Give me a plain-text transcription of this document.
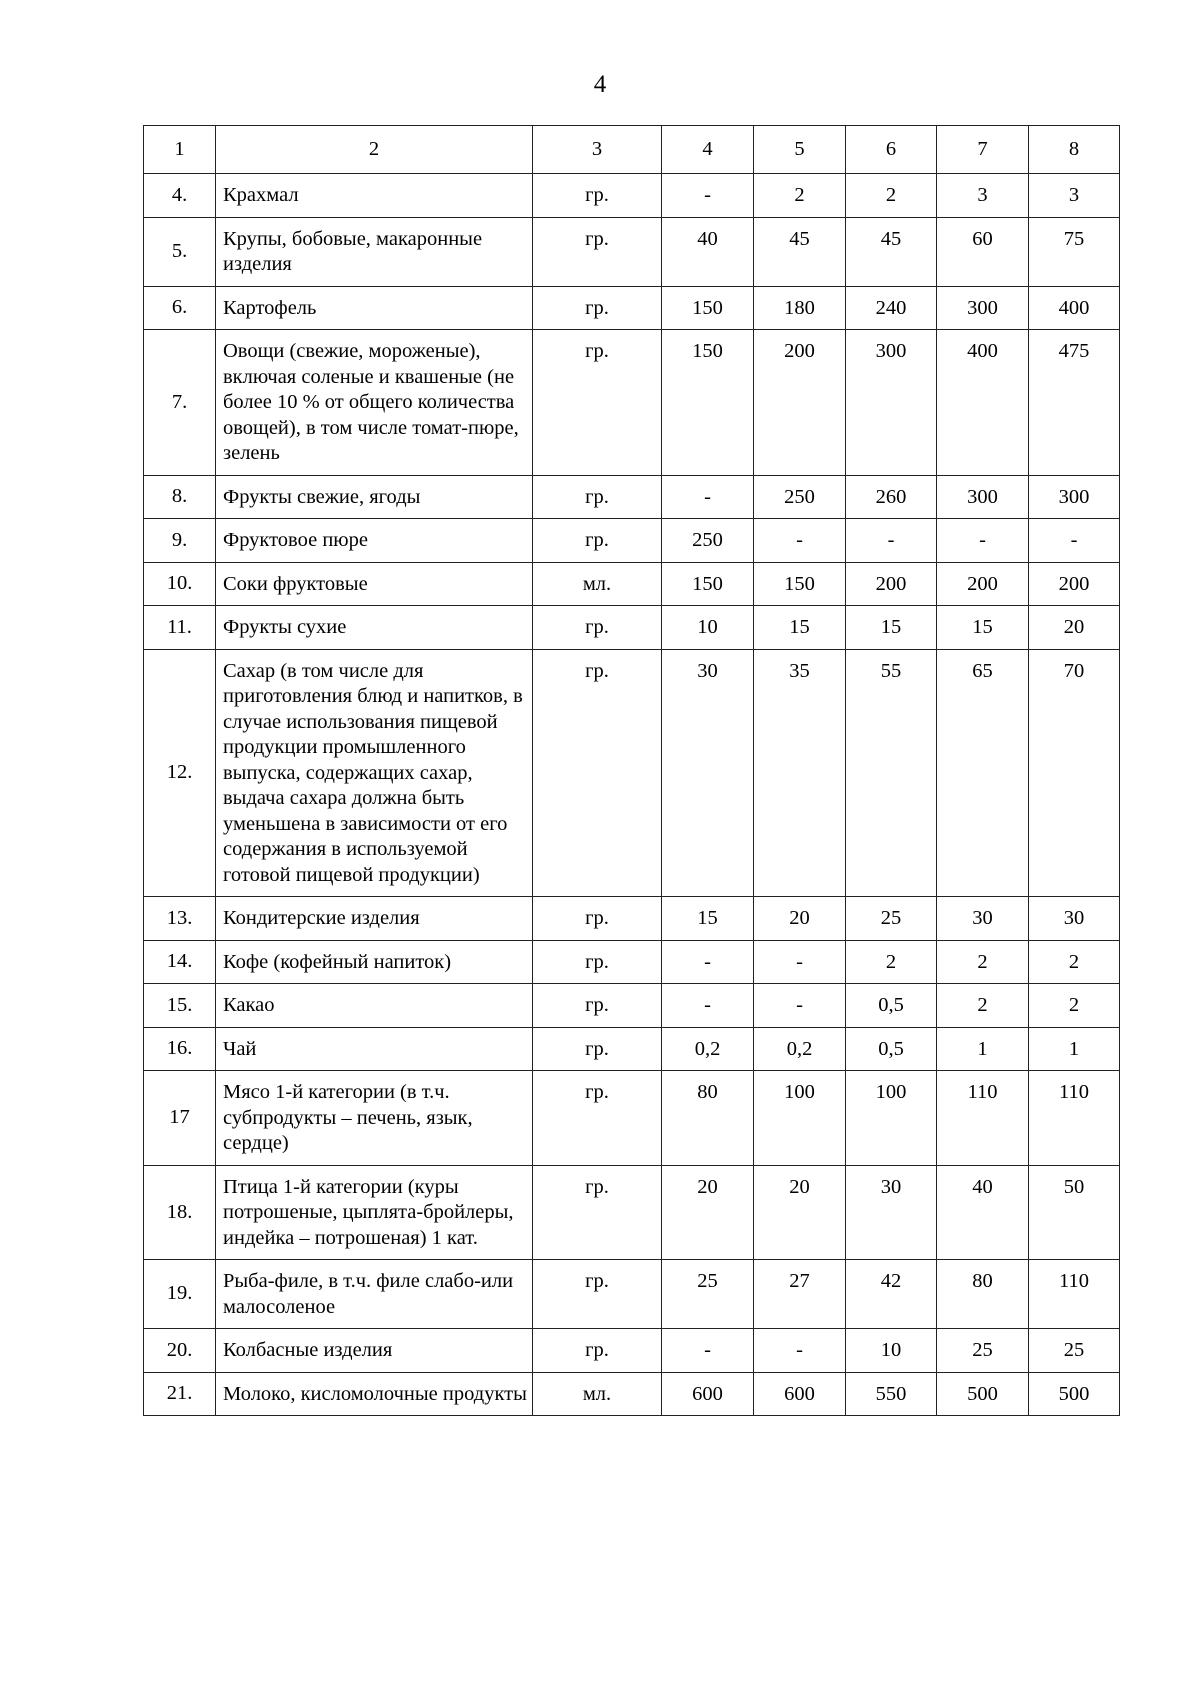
4
1	2	3	4	5	6	7	8
4.	Крахмал	гр.	-	2	2	3	3
5.	Крупы, бобовые, макаронные изделия	гр.	40	45	45	60	75
6.	Картофель	гр.	150	180	240	300	400
7.	Овощи (свежие, мороженые), включая соленые и квашеные (не более 10 % от общего количества овощей), в том числе томат-пюре, зелень	гр.	150	200	300	400	475
8.	Фрукты свежие, ягоды	гр.	-	250	260	300	300
9.	Фруктовое пюре	гр.	250	-	-	-	-
10.	Соки фруктовые	мл.	150	150	200	200	200
11.	Фрукты сухие	гр.	10	15	15	15	20
12.	Сахар (в том числе для приготовления блюд и напитков, в случае использования пищевой продукции промышленного выпуска, содержащих сахар, выдача сахара должна быть уменьшена в зависимости от его содержания в используемой готовой пищевой продукции)	гр.	30	35	55	65	70
13.	Кондитерские изделия	гр.	15	20	25	30	30
14.	Кофе (кофейный напиток)	гр.	-	-	2	2	2
15.	Какао	гр.	-	-	0,5	2	2
16.	Чай	гр.	0,2	0,2	0,5	1	1
17	Мясо 1-й категории (в т.ч. субпродукты – печень, язык, сердце)	гр.	80	100	100	110	110
18.	Птица 1-й категории (куры потрошеные, цыплята-бройлеры, индейка – потрошеная) 1 кат.	гр.	20	20	30	40	50
19.	Рыба-филе, в т.ч. филе слабо-или малосоленое	гр.	25	27	42	80	110
20.	Колбасные изделия	гр.	-	-	10	25	25
21.	Молоко, кисломолочные продукты	мл.	600	600	550	500	500
